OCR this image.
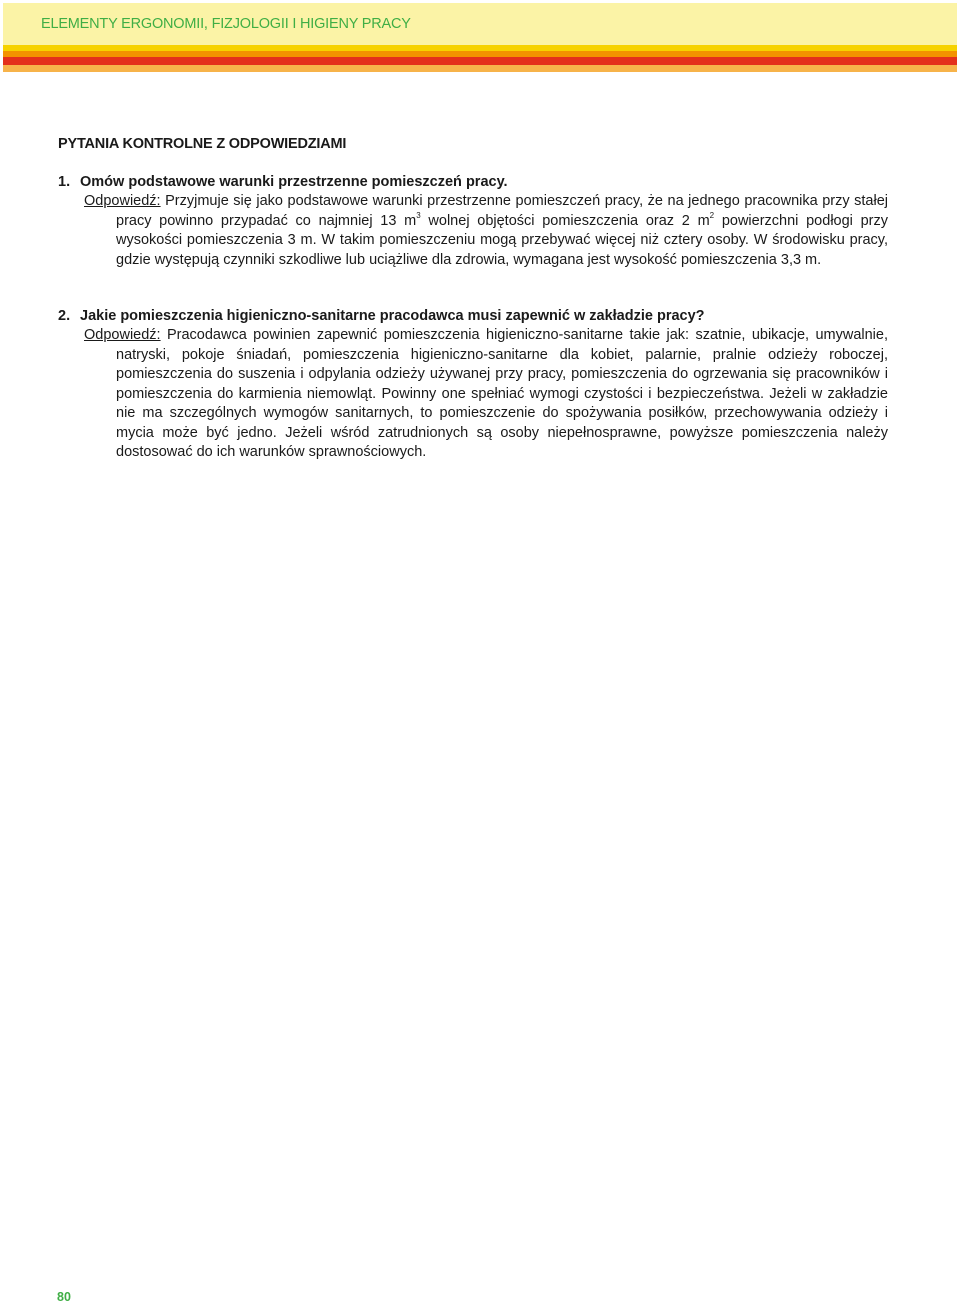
ELEMENTY ERGONOMII, FIZJOLOGII I HIGIENY PRACY
PYTANIA KONTROLNE Z ODPOWIEDZIAMI

1. Omów podstawowe warunki przestrzenne pomieszczeń pracy.

Odpowiedź: Przyjmuje się jako podstawowe warunki przestrzenne pomieszczeń pracy, że na jednego pracownika przy stałej pracy powinno przypadać co najmniej 13 $m^3$ wolnej objętości pomieszczenia oraz 2 $m^2$ powierzchni podłogi przy wysokości pomieszczenia 3 m. W takim pomieszczeniu mogą przebywać więcej niż cztery osoby. W środowisku pracy, gdzie występują czynniki szkodliwe lub uciążliwe dla zdrowia, wymagana jest wysokość pomieszczenia 3,3 m.

2. Jakie pomieszczenia higieniczno-sanitarne pracodawca musi zapewnić w zakładzie pracy?

Odpowiedź: Pracodawca powinien zapewnić pomieszczenia higieniczno-sanitarne takie jak: szatnie, ubikacje, umywalnie, natryski, pokoje śniadań, pomieszczenia higieniczno-sanitarne dla kobiet, palarnie, pralnie odzieży roboczej, pomieszczenia do suszenia i odpylania odzieży używanej przy pracy, pomieszczenia do ogrzewania się pracowników i pomieszczenia do karmienia niemowląt. Powinny one spełniać wymogi czystości i bezpieczeństwa. Jeżeli w zakładzie nie ma szczególnych wymogów sanitarnych, to pomieszczenie do spożywania posiłków, przechowywania odzieży i mycia może być jedno. Jeżeli wśród zatrudnionych są osoby niepełnosprawne, powyższe pomieszczenia należy dostosować do ich warunków sprawnościowych.

80
